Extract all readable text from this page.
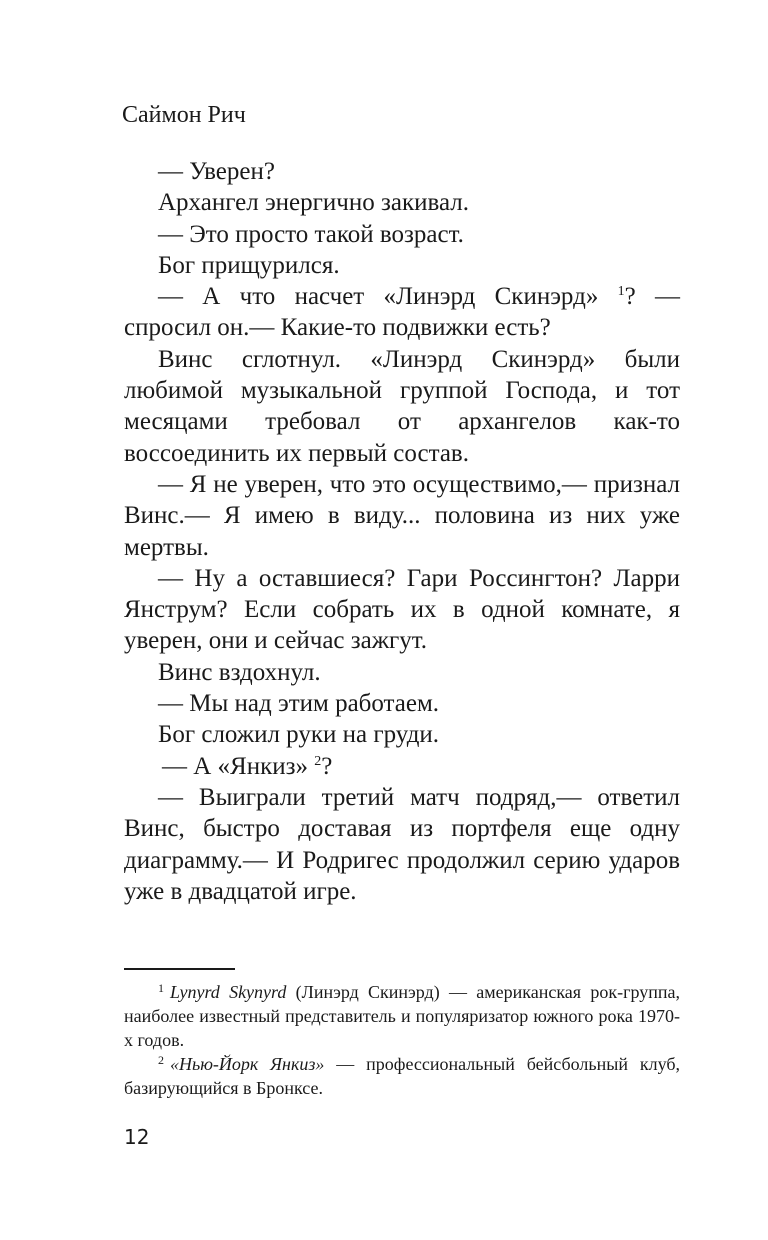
Саймон Рич

— Уверен?

Архангел энергично закивал.

— Это просто такой возраст.

Бог прищурился.

— А что насчет «Линэрд Скинэрд» $^1$? — спросил он.— Какие-то подвижки есть?

Винс сглотнул. «Линэрд Скинэрд» были любимой музыкальной группой Господа, и тот месяцами требовал от архангелов как-то воссоединить их первый состав.

— Я не уверен, что это осуществимо,— признал Винс.— Я имею в виду... половина из них уже мертвы.

— Ну а оставшиеся? Гари Россингтон? Ларри Янструм? Если собрать их в одной комнате, я уверен, они и сейчас зажгут.

Винс вздохнул.

— Мы над этим работаем.

Бог сложил руки на груди.

— А «Янкиз» $^2$?

— Выиграли третий матч подряд,— ответил Винс, быстро доставая из портфеля еще одну диаграмму.— И Родригес продолжил серию ударов уже в двадцатой игре.

$^1$ Lynyrd Skynyrd (Линэрд Скинэрд) — американская рок-группа, наиболее известный представитель и популяризатор южного рока 1970-х годов.

$^2$ «Нью-Йорк Янкиз» — профессиональный бейсбольный клуб, базирующийся в Бронксе.

12
